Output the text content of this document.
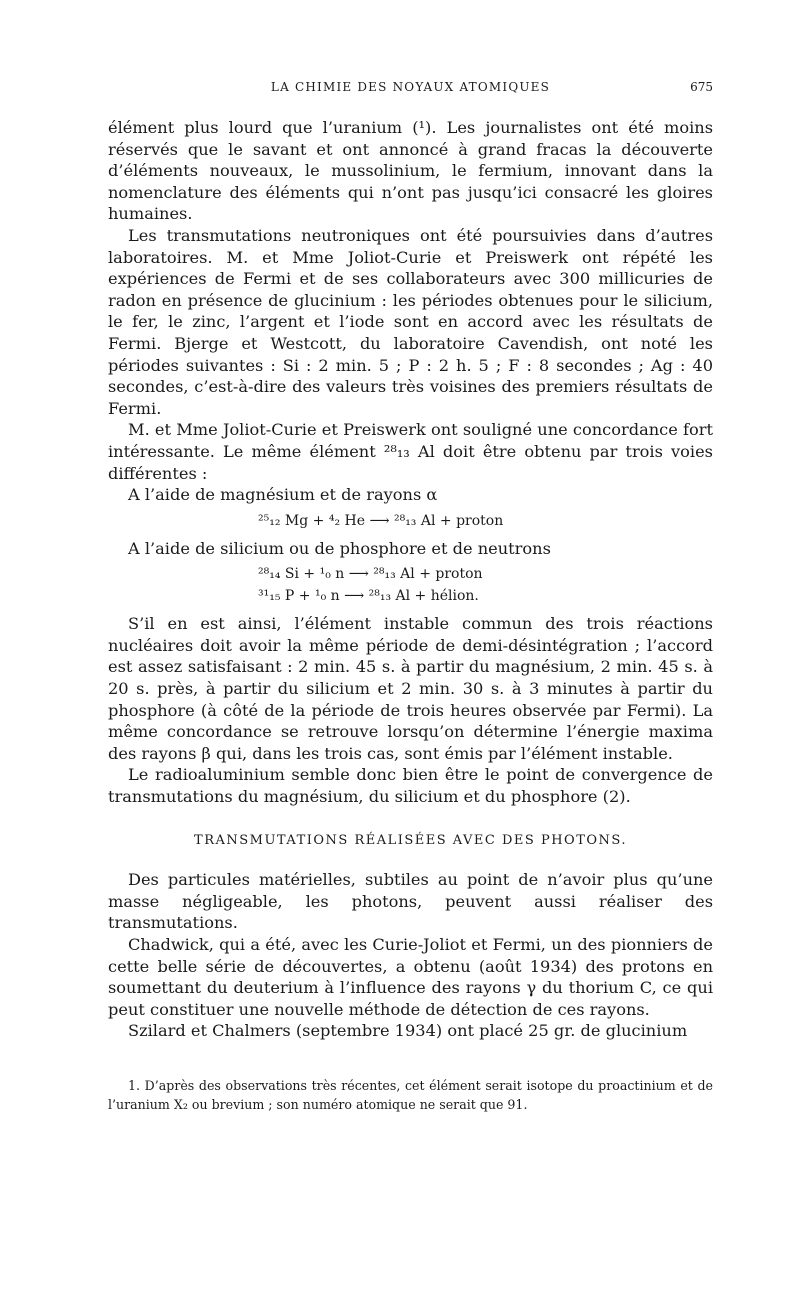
LA CHIMIE DES NOYAUX ATOMIQUES	675

élément plus lourd que l’uranium (¹). Les journalistes ont été moins réservés que le savant et ont annoncé à grand fracas la découverte d’éléments nouveaux, le mussolinium, le fermium, innovant dans la nomenclature des éléments qui n’ont pas jusqu’ici consacré les gloires humaines.

Les transmutations neutroniques ont été poursuivies dans d’autres laboratoires. M. et Mme Joliot-Curie et Preiswerk ont répété les expériences de Fermi et de ses collaborateurs avec 300 millicuries de radon en présence de glucinium : les périodes obtenues pour le silicium, le fer, le zinc, l’argent et l’iode sont en accord avec les résultats de Fermi. Bjerge et Westcott, du laboratoire Cavendish, ont noté les périodes suivantes : Si : 2 min. 5 ; P : 2 h. 5 ; F : 8 secondes ; Ag : 40 secondes, c’est-à-dire des valeurs très voisines des premiers résultats de Fermi.

M. et Mme Joliot-Curie et Preiswerk ont souligné une concordance fort intéressante. Le même élément ²⁸₁₃ Al doit être obtenu par trois voies différentes :

A l’aide de magnésium et de rayons α

²⁵₁₂ Mg + ⁴₂ He ⟶ ²⁸₁₃ Al + proton

A l’aide de silicium ou de phosphore et de neutrons

²⁸₁₄ Si + ¹₀ n ⟶ ²⁸₁₃ Al + proton
³¹₁₅ P + ¹₀ n ⟶ ²⁸₁₃ Al + hélion.

S’il en est ainsi, l’élément instable commun des trois réactions nucléaires doit avoir la même période de demi-désintégration ; l’accord est assez satisfaisant : 2 min. 45 s. à partir du magnésium, 2 min. 45 s. à 20 s. près, à partir du silicium et 2 min. 30 s. à 3 minutes à partir du phosphore (à côté de la période de trois heures observée par Fermi). La même concordance se retrouve lorsqu’on détermine l’énergie maxima des rayons β qui, dans les trois cas, sont émis par l’élément instable.

Le radioaluminium semble donc bien être le point de convergence de transmutations du magnésium, du silicium et du phosphore (2).

TRANSMUTATIONS RÉALISÉES AVEC DES PHOTONS.

Des particules matérielles, subtiles au point de n’avoir plus qu’une masse négligeable, les photons, peuvent aussi réaliser des transmutations.

Chadwick, qui a été, avec les Curie-Joliot et Fermi, un des pionniers de cette belle série de découvertes, a obtenu (août 1934) des protons en soumettant du deuterium à l’influence des rayons γ du thorium C, ce qui peut constituer une nouvelle méthode de détection de ces rayons.

Szilard et Chalmers (septembre 1934) ont placé 25 gr. de glucinium

1. D’après des observations très récentes, cet élément serait isotope du proactinium et de l’uranium X₂ ou brevium ; son numéro atomique ne serait que 91.
